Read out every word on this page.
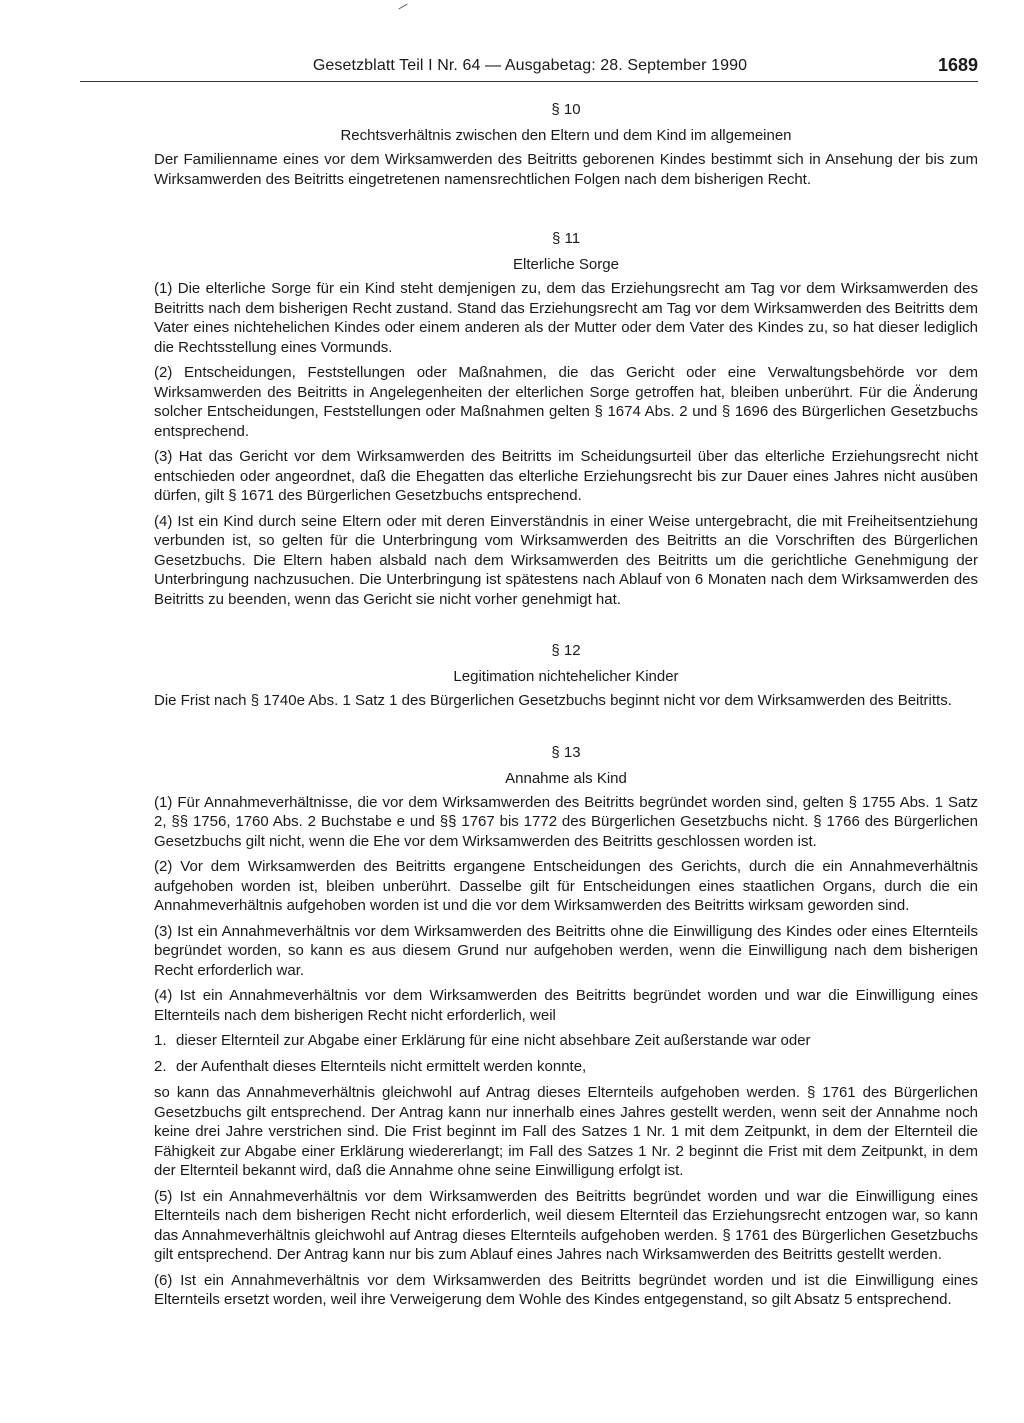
Gesetzblatt Teil I Nr. 64 — Ausgabetag: 28. September 1990	1689
§ 10
Rechtsverhältnis zwischen den Eltern und dem Kind im allgemeinen

Der Familienname eines vor dem Wirksamwerden des Beitritts geborenen Kindes bestimmt sich in Ansehung der bis zum Wirksamwerden des Beitritts eingetretenen namensrechtlichen Folgen nach dem bisherigen Recht.

§ 11
Elterliche Sorge

(1) Die elterliche Sorge für ein Kind steht demjenigen zu, dem das Erziehungsrecht am Tag vor dem Wirksamwerden des Beitritts nach dem bisherigen Recht zustand. Stand das Erziehungsrecht am Tag vor dem Wirksamwerden des Beitritts dem Vater eines nichtehelichen Kindes oder einem anderen als der Mutter oder dem Vater des Kindes zu, so hat dieser lediglich die Rechtsstellung eines Vormunds.

(2) Entscheidungen, Feststellungen oder Maßnahmen, die das Gericht oder eine Verwaltungsbehörde vor dem Wirksamwerden des Beitritts in Angelegenheiten der elterlichen Sorge getroffen hat, bleiben unberührt. Für die Änderung solcher Entscheidungen, Feststellungen oder Maßnahmen gelten § 1674 Abs. 2 und § 1696 des Bürgerlichen Gesetzbuchs entsprechend.

(3) Hat das Gericht vor dem Wirksamwerden des Beitritts im Scheidungsurteil über das elterliche Erziehungsrecht nicht entschieden oder angeordnet, daß die Ehegatten das elterliche Erziehungsrecht bis zur Dauer eines Jahres nicht ausüben dürfen, gilt § 1671 des Bürgerlichen Gesetzbuchs entsprechend.

(4) Ist ein Kind durch seine Eltern oder mit deren Einverständnis in einer Weise untergebracht, die mit Freiheitsentziehung verbunden ist, so gelten für die Unterbringung vom Wirksamwerden des Beitritts an die Vorschriften des Bürgerlichen Gesetzbuchs. Die Eltern haben alsbald nach dem Wirksamwerden des Beitritts um die gerichtliche Genehmigung der Unterbringung nachzusuchen. Die Unterbringung ist spätestens nach Ablauf von 6 Monaten nach dem Wirksamwerden des Beitritts zu beenden, wenn das Gericht sie nicht vorher genehmigt hat.

§ 12
Legitimation nichtehelicher Kinder

Die Frist nach § 1740e Abs. 1 Satz 1 des Bürgerlichen Gesetzbuchs beginnt nicht vor dem Wirksamwerden des Beitritts.

§ 13
Annahme als Kind

(1) Für Annahmeverhältnisse, die vor dem Wirksamwerden des Beitritts begründet worden sind, gelten § 1755 Abs. 1 Satz 2, §§ 1756, 1760 Abs. 2 Buchstabe e und §§ 1767 bis 1772 des Bürgerlichen Gesetzbuchs nicht. § 1766 des Bürgerlichen Gesetzbuchs gilt nicht, wenn die Ehe vor dem Wirksamwerden des Beitritts geschlossen worden ist.

(2) Vor dem Wirksamwerden des Beitritts ergangene Entscheidungen des Gerichts, durch die ein Annahmeverhältnis aufgehoben worden ist, bleiben unberührt. Dasselbe gilt für Entscheidungen eines staatlichen Organs, durch die ein Annahmeverhältnis aufgehoben worden ist und die vor dem Wirksamwerden des Beitritts wirksam geworden sind.

(3) Ist ein Annahmeverhältnis vor dem Wirksamwerden des Beitritts ohne die Einwilligung des Kindes oder eines Elternteils begründet worden, so kann es aus diesem Grund nur aufgehoben werden, wenn die Einwilligung nach dem bisherigen Recht erforderlich war.

(4) Ist ein Annahmeverhältnis vor dem Wirksamwerden des Beitritts begründet worden und war die Einwilligung eines Elternteils nach dem bisherigen Recht nicht erforderlich, weil

1. dieser Elternteil zur Abgabe einer Erklärung für eine nicht absehbare Zeit außerstande war oder
2. der Aufenthalt dieses Elternteils nicht ermittelt werden konnte,

so kann das Annahmeverhältnis gleichwohl auf Antrag dieses Elternteils aufgehoben werden. § 1761 des Bürgerlichen Gesetzbuchs gilt entsprechend. Der Antrag kann nur innerhalb eines Jahres gestellt werden, wenn seit der Annahme noch keine drei Jahre verstrichen sind. Die Frist beginnt im Fall des Satzes 1 Nr. 1 mit dem Zeitpunkt, in dem der Elternteil die Fähigkeit zur Abgabe einer Erklärung wiedererlangt; im Fall des Satzes 1 Nr. 2 beginnt die Frist mit dem Zeitpunkt, in dem der Elternteil bekannt wird, daß die Annahme ohne seine Einwilligung erfolgt ist.

(5) Ist ein Annahmeverhältnis vor dem Wirksamwerden des Beitritts begründet worden und war die Einwilligung eines Elternteils nach dem bisherigen Recht nicht erforderlich, weil diesem Elternteil das Erziehungsrecht entzogen war, so kann das Annahmeverhältnis gleichwohl auf Antrag dieses Elternteils aufgehoben werden. § 1761 des Bürgerlichen Gesetzbuchs gilt entsprechend. Der Antrag kann nur bis zum Ablauf eines Jahres nach Wirksamwerden des Beitritts gestellt werden.

(6) Ist ein Annahmeverhältnis vor dem Wirksamwerden des Beitritts begründet worden und ist die Einwilligung eines Elternteils ersetzt worden, weil ihre Verweigerung dem Wohle des Kindes entgegenstand, so gilt Absatz 5 entsprechend.
